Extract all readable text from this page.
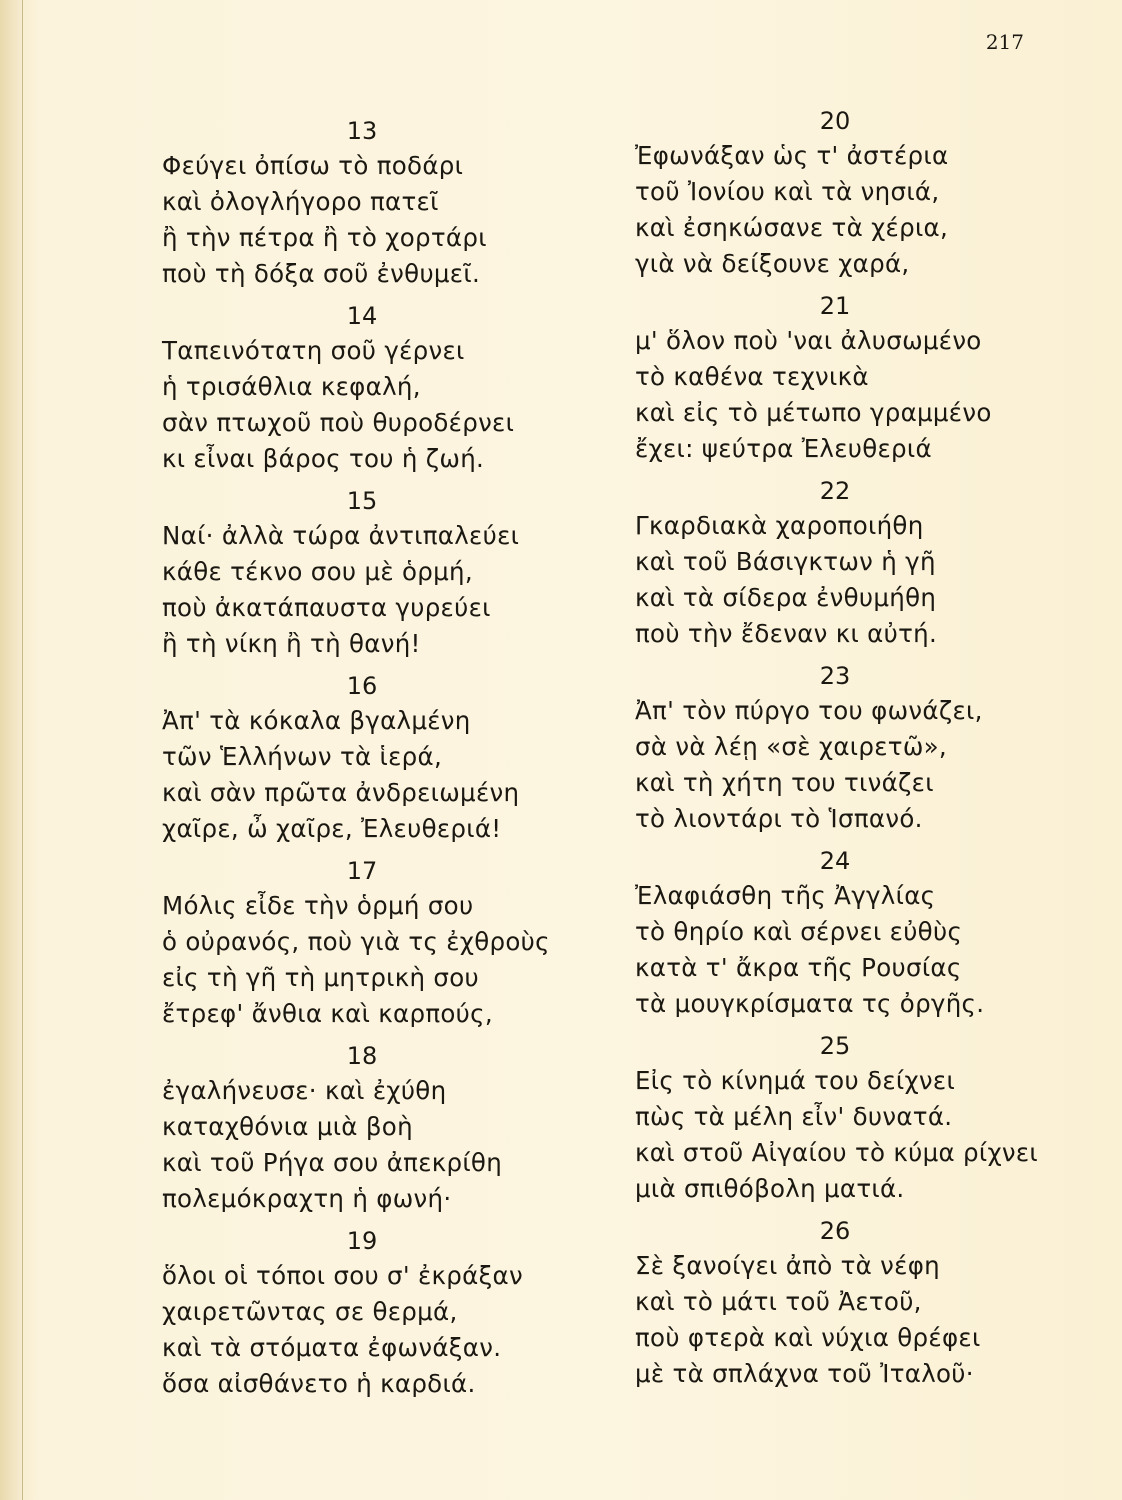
217
13
Φεύγει ὀπίσω τὸ ποδάρι
καὶ ὀλογλήγορο πατεῖ
ἢ τὴν πέτρα ἢ τὸ χορτάρι
ποὺ τὴ δόξα σοῦ ἐνθυμεῖ.
14
Ταπεινότατη σοῦ γέρνει
ἡ τρισάθλια κεφαλή,
σὰν πτωχοῦ ποὺ θυροδέρνει
κι εἶναι βάρος του ἡ ζωή.
15
Ναί· ἀλλὰ τώρα ἀντιπαλεύει
κάθε τέκνο σου μὲ ὁρμή,
ποὺ ἀκατάπαυστα γυρεύει
ἢ τὴ νίκη ἢ τὴ θανή!
16
Ἀπ' τὰ κόκαλα βγαλμένη
τῶν Ἑλλήνων τὰ ἱερά,
καὶ σὰν πρῶτα ἀνδρειωμένη
χαῖρε, ὦ χαῖρε, Ἐλευθεριά!
17
Μόλις εἶδε τὴν ὁρμή σου
ὁ οὐρανός, ποὺ γιὰ τς ἐχθροὺς
εἰς τὴ γῆ τὴ μητρικὴ σου
ἔτρεφ' ἄνθια καὶ καρπούς,
18
ἐγαλήνευσε· καὶ ἐχύθη
καταχθόνια μιὰ βοὴ
καὶ τοῦ Ρήγα σου ἀπεκρίθη
πολεμόκραχτη ἡ φωνή·
19
ὅλοι οἱ τόποι σου σ' ἐκράξαν
χαιρετῶντας σε θερμά,
καὶ τὰ στόματα ἐφωνάξαν.
ὅσα αἰσθάνετο ἡ καρδιά.
20
Ἐφωνάξαν ὡς τ' ἀστέρια
τοῦ Ἰονίου καὶ τὰ νησιά,
καὶ ἐσηκώσανε τὰ χέρια,
γιὰ νὰ δείξουνε χαρά,
21
μ' ὅλον ποὺ 'ναι ἀλυσωμένο
τὸ καθένα τεχνικὰ
καὶ εἰς τὸ μέτωπο γραμμένο
ἔχει: ψεύτρα Ἐλευθεριά
22
Γκαρδιακὰ χαροποιήθη
καὶ τοῦ Βάσιγκτων ἡ γῆ
καὶ τὰ σίδερα ἐνθυμήθη
ποὺ τὴν ἔδεναν κι αὐτή.
23
Ἀπ' τὸν πύργο του φωνάζει,
σὰ νὰ λέῃ «σὲ χαιρετῶ»,
καὶ τὴ χήτη του τινάζει
τὸ λιοντάρι τὸ Ἱσπανό.
24
Ἐλαφιάσθη τῆς Ἀγγλίας
τὸ θηρίο καὶ σέρνει εὐθὺς
κατὰ τ' ἄκρα τῆς Ρουσίας
τὰ μουγκρίσματα τς ὀργῆς.
25
Εἰς τὸ κίνημά του δείχνει
πὼς τὰ μέλη εἶν' δυνατά.
καὶ στοῦ Αἰγαίου τὸ κύμα ρίχνει
μιὰ σπιθόβολη ματιά.
26
Σὲ ξανοίγει ἀπὸ τὰ νέφη
καὶ τὸ μάτι τοῦ Ἀετοῦ,
ποὺ φτερὰ καὶ νύχια θρέφει
μὲ τὰ σπλάχνα τοῦ Ἰταλοῦ·
